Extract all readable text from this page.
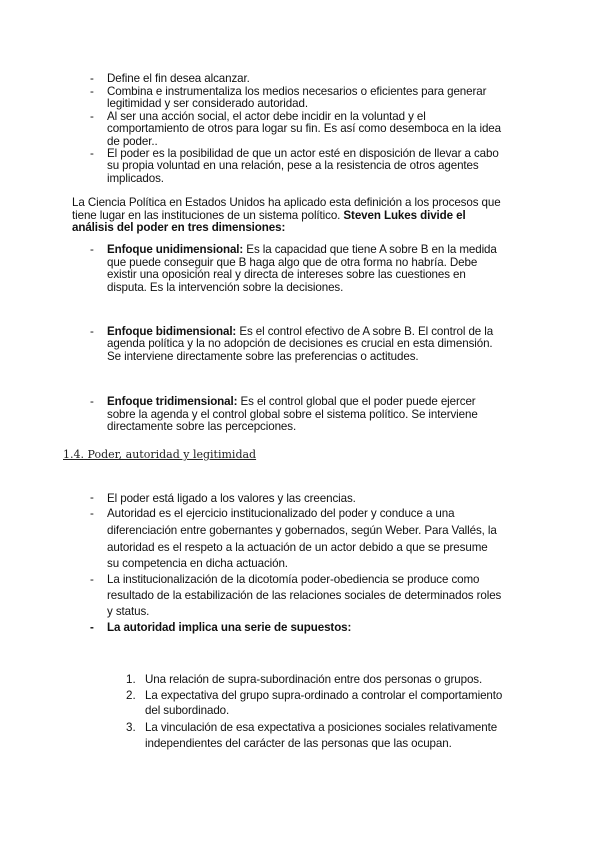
- Define el fin desea alcanzar.
- Combina e instrumentaliza los medios necesarios o eficientes para generar
legitimidad y ser considerado autoridad.
- Al ser una acción social, el actor debe incidir en la voluntad y el
comportamiento de otros para logar su fin. Es así como desemboca en la idea
de poder..
- El poder es la posibilidad de que un actor esté en disposición de llevar a cabo
su propia voluntad en una relación, pese a la resistencia de otros agentes
implicados.
La Ciencia Política en Estados Unidos ha aplicado esta definición a los procesos que
tiene lugar en las instituciones de un sistema político. Steven Lukes divide el
análisis del poder en tres dimensiones:
- Enfoque unidimensional: Es la capacidad que tiene A sobre B en la medida
que puede conseguir que B haga algo que de otra forma no habría. Debe
existir una oposición real y directa de intereses sobre las cuestiones en
disputa. Es la intervención sobre la decisiones.
- Enfoque bidimensional: Es el control efectivo de A sobre B. El control de la
agenda política y la no adopción de decisiones es crucial en esta dimensión.
Se interviene directamente sobre las preferencias o actitudes.
- Enfoque tridimensional: Es el control global que el poder puede ejercer
sobre la agenda y el control global sobre el sistema político. Se interviene
directamente sobre las percepciones.
1.4. Poder, autoridad y legitimidad
- El poder está ligado a los valores y las creencias.
- Autoridad es el ejercicio institucionalizado del poder y conduce a una
diferenciación entre gobernantes y gobernados, según Weber. Para Vallés, la
autoridad es el respeto a la actuación de un actor debido a que se presume
su competencia en dicha actuación.
- La institucionalización de la dicotomía poder-obediencia se produce como
resultado de la estabilización de las relaciones sociales de determinados roles
y status.
- La autoridad implica una serie de supuestos:
1. Una relación de supra-subordinación entre dos personas o grupos.
2. La expectativa del grupo supra-ordinado a controlar el comportamiento
del subordinado.
3. La vinculación de esa expectativa a posiciones sociales relativamente
independientes del carácter de las personas que las ocupan.
